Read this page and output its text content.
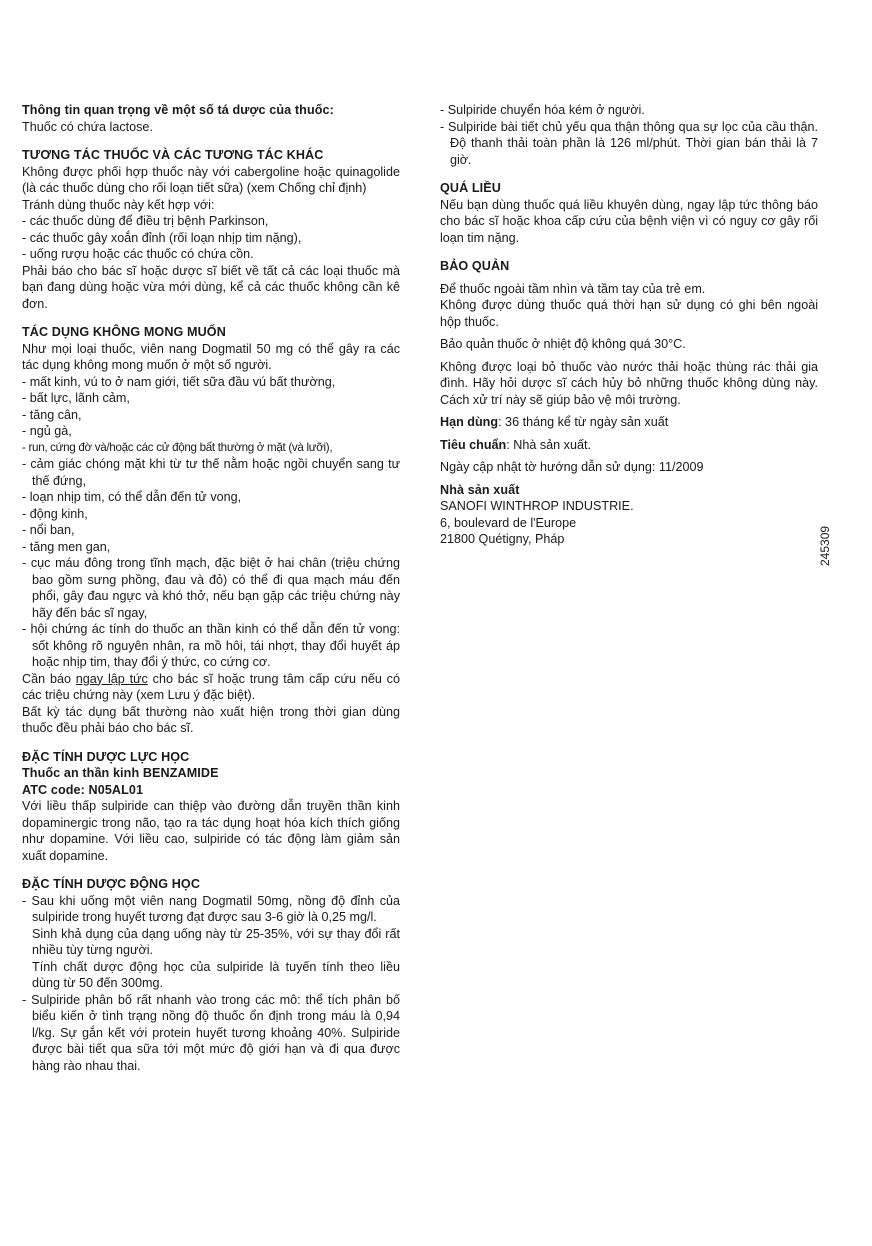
Thông tin quan trọng về một số tá dược của thuốc:

Thuốc có chứa lactose.

TƯƠNG TÁC THUỐC VÀ CÁC TƯƠNG TÁC KHÁC

Không được phối hợp thuốc này với cabergoline hoặc quinagolide (là các thuốc dùng cho rối loạn tiết sữa) (xem Chống chỉ định)

Tránh dùng thuốc này kết hợp với:

- các thuốc dùng để điều trị bệnh Parkinson,

- các thuốc gây xoắn đỉnh (rối loạn nhịp tim nặng),

- uống rượu hoặc các thuốc có chứa cồn.

Phải báo cho bác sĩ hoặc dược sĩ biết về tất cả các loại thuốc mà bạn đang dùng hoặc vừa mới dùng, kể cả các thuốc không cần kê đơn.

TÁC DỤNG KHÔNG MONG MUỐN

Như mọi loại thuốc, viên nang Dogmatil 50 mg có thể gây ra các tác dụng không mong muốn ở một số người.

- mất kinh, vú to ở nam giới, tiết sữa đầu vú bất thường,

- bất lực, lãnh cảm,

- tăng cân,

- ngủ gà,

- run, cứng đờ và/hoặc các cử động bất thường ở mặt (và lưỡi),

- cảm giác chóng mặt khi từ tư thế nằm hoặc ngồi chuyển sang tư thế đứng,

- loạn nhịp tim, có thể dẫn đến tử vong,

- động kinh,

- nổi ban,

- tăng men gan,

- cục máu đông trong tĩnh mạch, đặc biệt ở hai chân (triệu chứng bao gồm sưng phồng, đau và đỏ) có thể đi qua mạch máu đến phổi, gây đau ngực và khó thở, nếu bạn gặp các triệu chứng này hãy đến bác sĩ ngay,

- hội chứng ác tính do thuốc an thần kinh có thể dẫn đến tử vong: sốt không rõ nguyên nhân, ra mồ hôi, tái nhợt, thay đổi huyết áp hoặc nhịp tim, thay đổi ý thức, co cứng cơ.

Cần báo ngay lập tức cho bác sĩ hoặc trung tâm cấp cứu nếu có các triệu chứng này (xem Lưu ý đặc biệt).

Bất kỳ tác dụng bất thường nào xuất hiện trong thời gian dùng thuốc đều phải báo cho bác sĩ.

ĐẶC TÍNH DƯỢC LỰC HỌC

Thuốc an thần kinh BENZAMIDE

ATC code: N05AL01

Với liều thấp sulpiride can thiệp vào đường dẫn truyền thần kinh dopaminergic trong não, tạo ra tác dụng hoạt hóa kích thích giống như dopamine. Với liều cao, sulpiride có tác động làm giảm sản xuất dopamine.

ĐẶC TÍNH DƯỢC ĐỘNG HỌC

- Sau khi uống một viên nang Dogmatil 50mg, nồng độ đỉnh của sulpiride trong huyết tương đạt được sau 3-6 giờ là 0,25 mg/l.

Sinh khả dụng của dạng uống này từ 25-35%, với sự thay đổi rất nhiều tùy từng người.

Tính chất dược động học của sulpiride là tuyến tính theo liều dùng từ 50 đến 300mg.

- Sulpiride phân bố rất nhanh vào trong các mô: thể tích phân bố biểu kiến ở tình trạng nồng độ thuốc ổn định trong máu là 0,94 l/kg. Sự gắn kết với protein huyết tương khoảng 40%. Sulpiride được bài tiết qua sữa tới một mức độ giới hạn và đi qua được hàng rào nhau thai.

- Sulpiride chuyển hóa kém ở người.

- Sulpiride bài tiết chủ yếu qua thận thông qua sự lọc của cầu thận. Độ thanh thải toàn phần là 126 ml/phút. Thời gian bán thải là 7 giờ.

QUÁ LIỀU

Nếu bạn dùng thuốc quá liều khuyên dùng, ngay lập tức thông báo cho bác sĩ hoặc khoa cấp cứu của bệnh viện vì có nguy cơ gây rối loạn tim nặng.

BẢO QUẢN

Để thuốc ngoài tầm nhìn và tầm tay của trẻ em.

Không được dùng thuốc quá thời hạn sử dụng có ghi bên ngoài hộp thuốc.

Bảo quản thuốc ở nhiệt độ không quá 30°C.

Không được loại bỏ thuốc vào nước thải hoặc thùng rác thải gia đình. Hãy hỏi dược sĩ cách hủy bỏ những thuốc không dùng này. Cách xử trí này sẽ giúp bảo vệ môi trường.

Hạn dùng: 36 tháng kể từ ngày sản xuất

Tiêu chuẩn: Nhà sản xuất.

Ngày cập nhật tờ hướng dẫn sử dụng: 11/2009

Nhà sản xuất

SANOFI WINTHROP INDUSTRIE.

6, boulevard de l'Europe

21800 Quétigny, Pháp	245309
